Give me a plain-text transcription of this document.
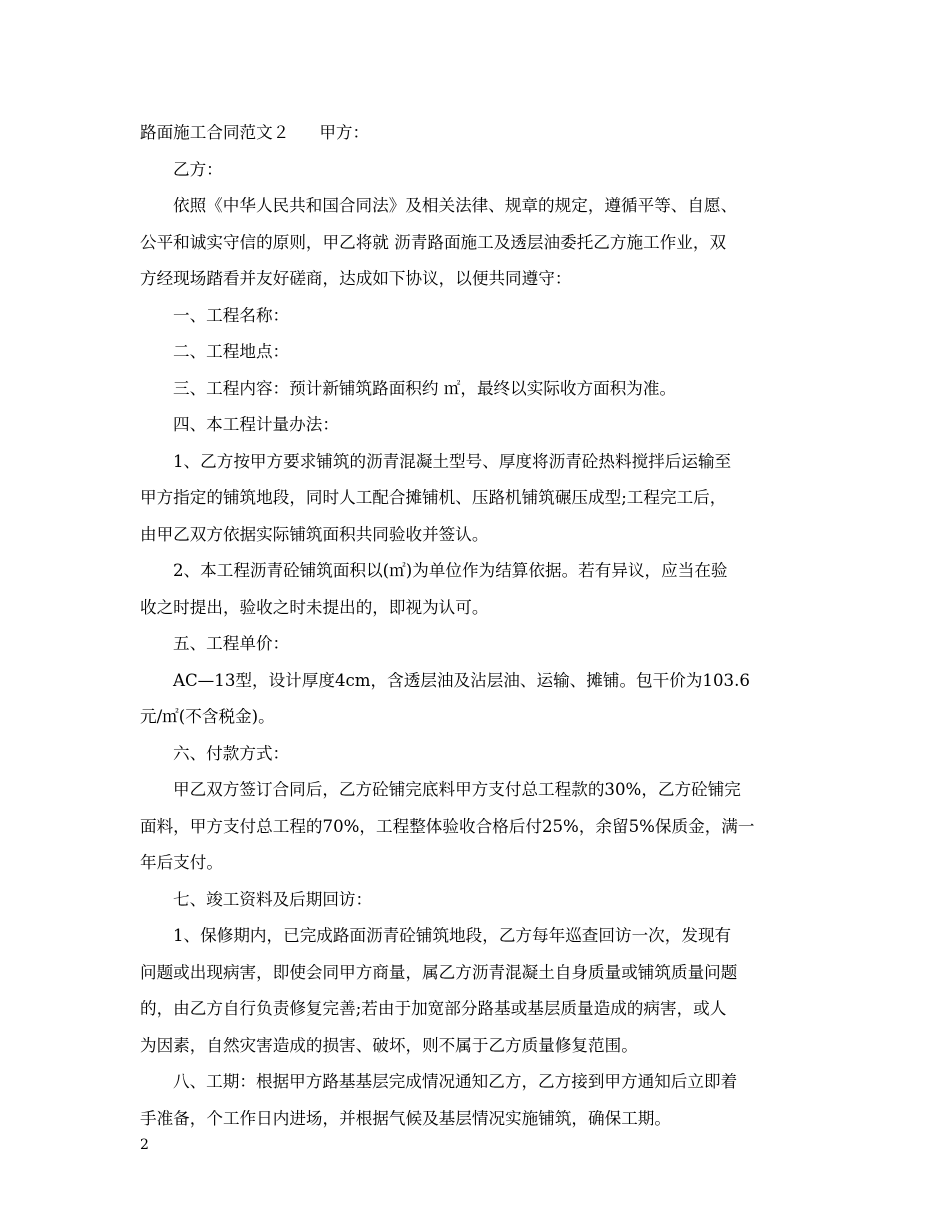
路面施工合同范文２ 甲方：
乙方：
依照《中华人民共和国合同法》及相关法律、规章的规定，遵循平等、自愿、
公平和诚实守信的原则，甲乙将就 沥青路面施工及透层油委托乙方施工作业，双
方经现场踏看并友好磋商，达成如下协议，以便共同遵守：
一、工程名称：
二、工程地点：
三、工程内容：预计新铺筑路面积约 ㎡，最终以实际收方面积为准。
四、本工程计量办法：
1、乙方按甲方要求铺筑的沥青混凝土型号、厚度将沥青砼热料搅拌后运输至
甲方指定的铺筑地段，同时人工配合摊铺机、压路机铺筑碾压成型;工程完工后，
由甲乙双方依据实际铺筑面积共同验收并签认。
2、本工程沥青砼铺筑面积以(㎡)为单位作为结算依据。若有异议，应当在验
收之时提出，验收之时未提出的，即视为认可。
五、工程单价：
AC—13型，设计厚度4cm，含透层油及沾层油、运输、摊铺。包干价为103.6
元/㎡(不含税金)。
六、付款方式：
甲乙双方签订合同后，乙方砼铺完底料甲方支付总工程款的30%，乙方砼铺完
面料，甲方支付总工程的70%，工程整体验收合格后付25%，余留5%保质金，满一
年后支付。
七、竣工资料及后期回访：
1、保修期内，已完成路面沥青砼铺筑地段，乙方每年巡查回访一次，发现有
问题或出现病害，即使会同甲方商量，属乙方沥青混凝土自身质量或铺筑质量问题
的，由乙方自行负责修复完善;若由于加宽部分路基或基层质量造成的病害，或人
为因素，自然灾害造成的损害、破坏，则不属于乙方质量修复范围。
八、工期：根据甲方路基基层完成情况通知乙方，乙方接到甲方通知后立即着
手准备，个工作日内进场，并根据气候及基层情况实施铺筑，确保工期。
2
